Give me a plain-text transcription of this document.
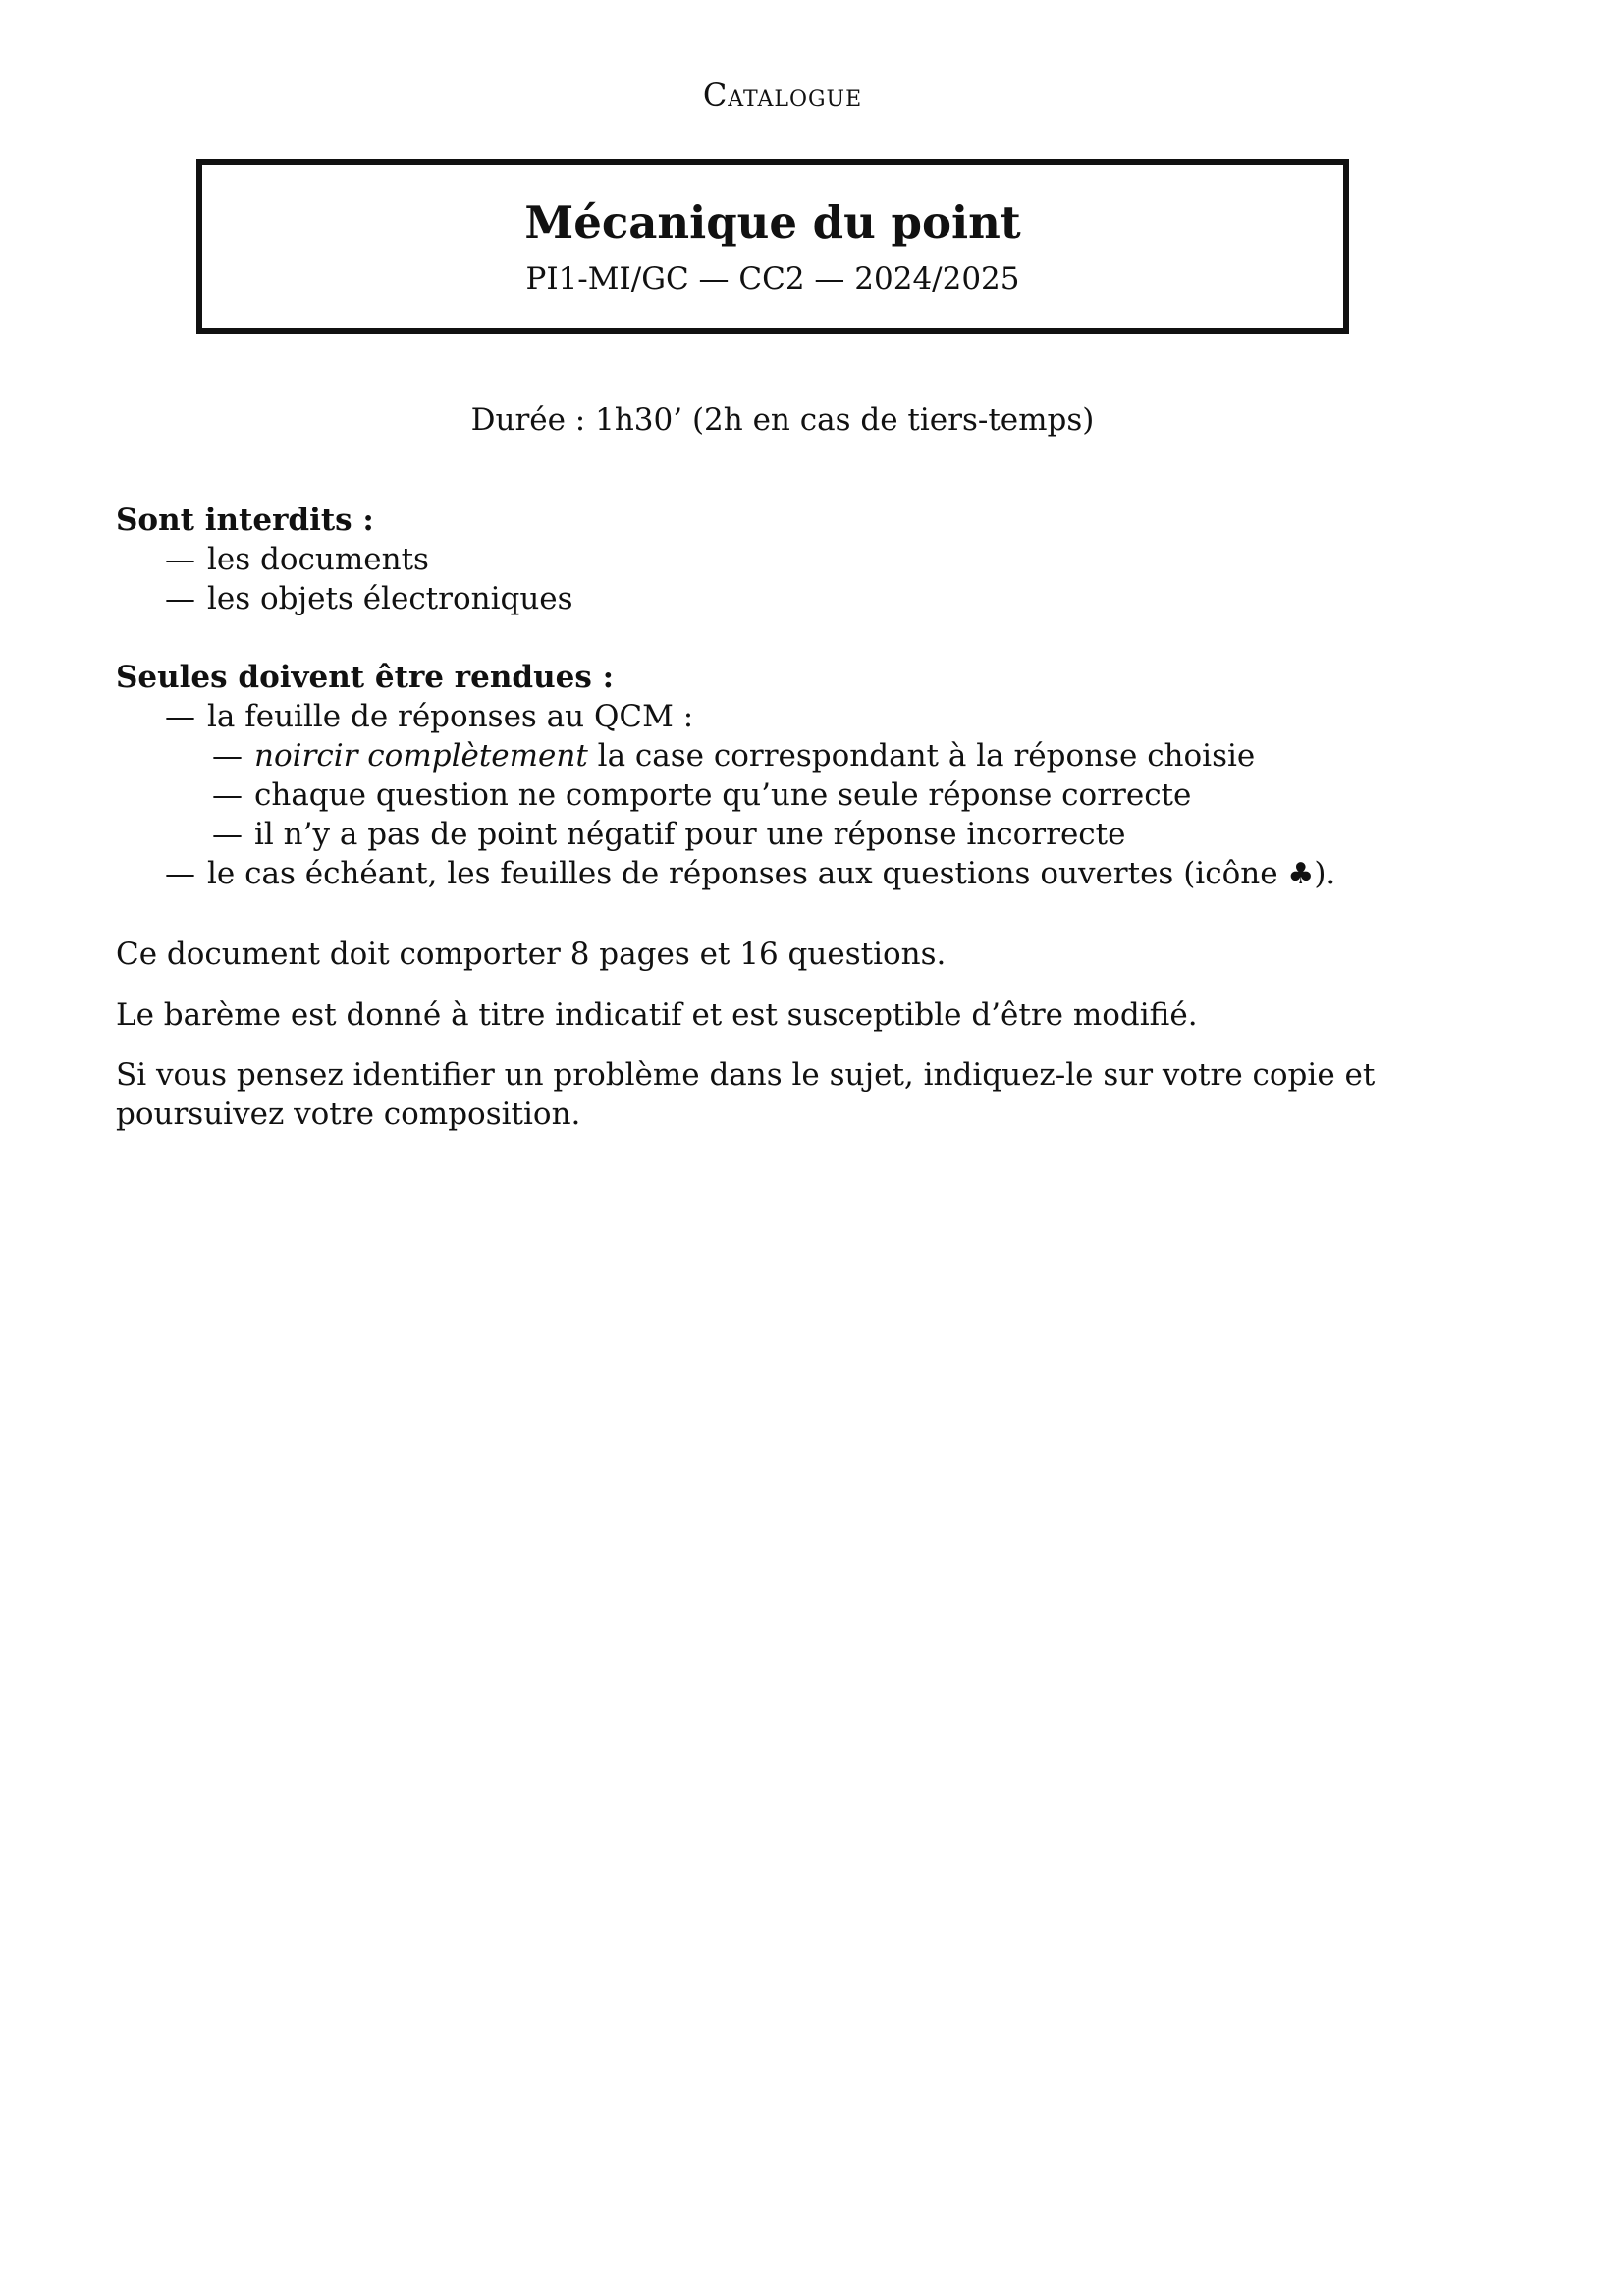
Catalogue
Mécanique du point
PI1-MI/GC — CC2 — 2024/2025
Durée : 1h30’ (2h en cas de tiers-temps)
Sont interdits :
— les documents
— les objets électroniques
Seules doivent être rendues :
— la feuille de réponses au QCM :
— noircir complètement la case correspondant à la réponse choisie
— chaque question ne comporte qu’une seule réponse correcte
— il n’y a pas de point négatif pour une réponse incorrecte
— le cas échéant, les feuilles de réponses aux questions ouvertes (icône ♣).

Ce document doit comporter 8 pages et 16 questions.

Le barème est donné à titre indicatif et est susceptible d’être modifié.

Si vous pensez identifier un problème dans le sujet, indiquez-le sur votre copie et poursuivez votre composition.
